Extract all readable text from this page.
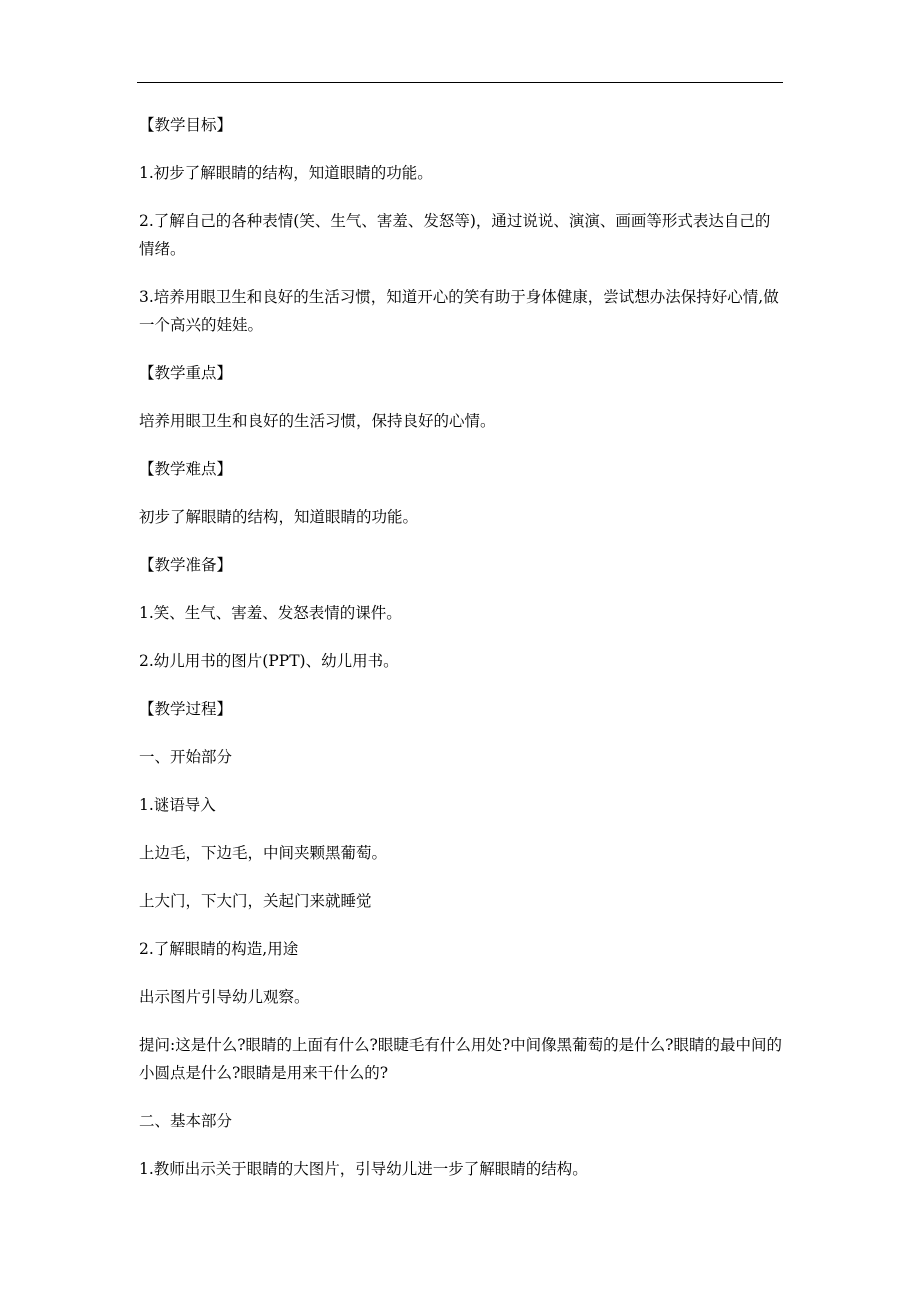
【教学目标】

1.初步了解眼睛的结构，知道眼睛的功能。

2.了解自己的各种表情(笑、生气、害羞、发怒等)，通过说说、演演、画画等形式表达自己的情绪。

3.培养用眼卫生和良好的生活习惯，知道开心的笑有助于身体健康，尝试想办法保持好心情,做一个高兴的娃娃。

【教学重点】

培养用眼卫生和良好的生活习惯，保持良好的心情。

【教学难点】

初步了解眼睛的结构，知道眼睛的功能。

【教学准备】

1.笑、生气、害羞、发怒表情的课件。

2.幼儿用书的图片(PPT)、幼儿用书。

【教学过程】

一、开始部分

1.谜语导入

上边毛，下边毛，中间夹颗黑葡萄。

上大门，下大门，关起门来就睡觉

2.了解眼睛的构造,用途

出示图片引导幼儿观察。

提问:这是什么?眼睛的上面有什么?眼睫毛有什么用处?中间像黑葡萄的是什么?眼睛的最中间的小圆点是什么?眼睛是用来干什么的?

二、基本部分

1.教师出示关于眼睛的大图片，引导幼儿进一步了解眼睛的结构。
